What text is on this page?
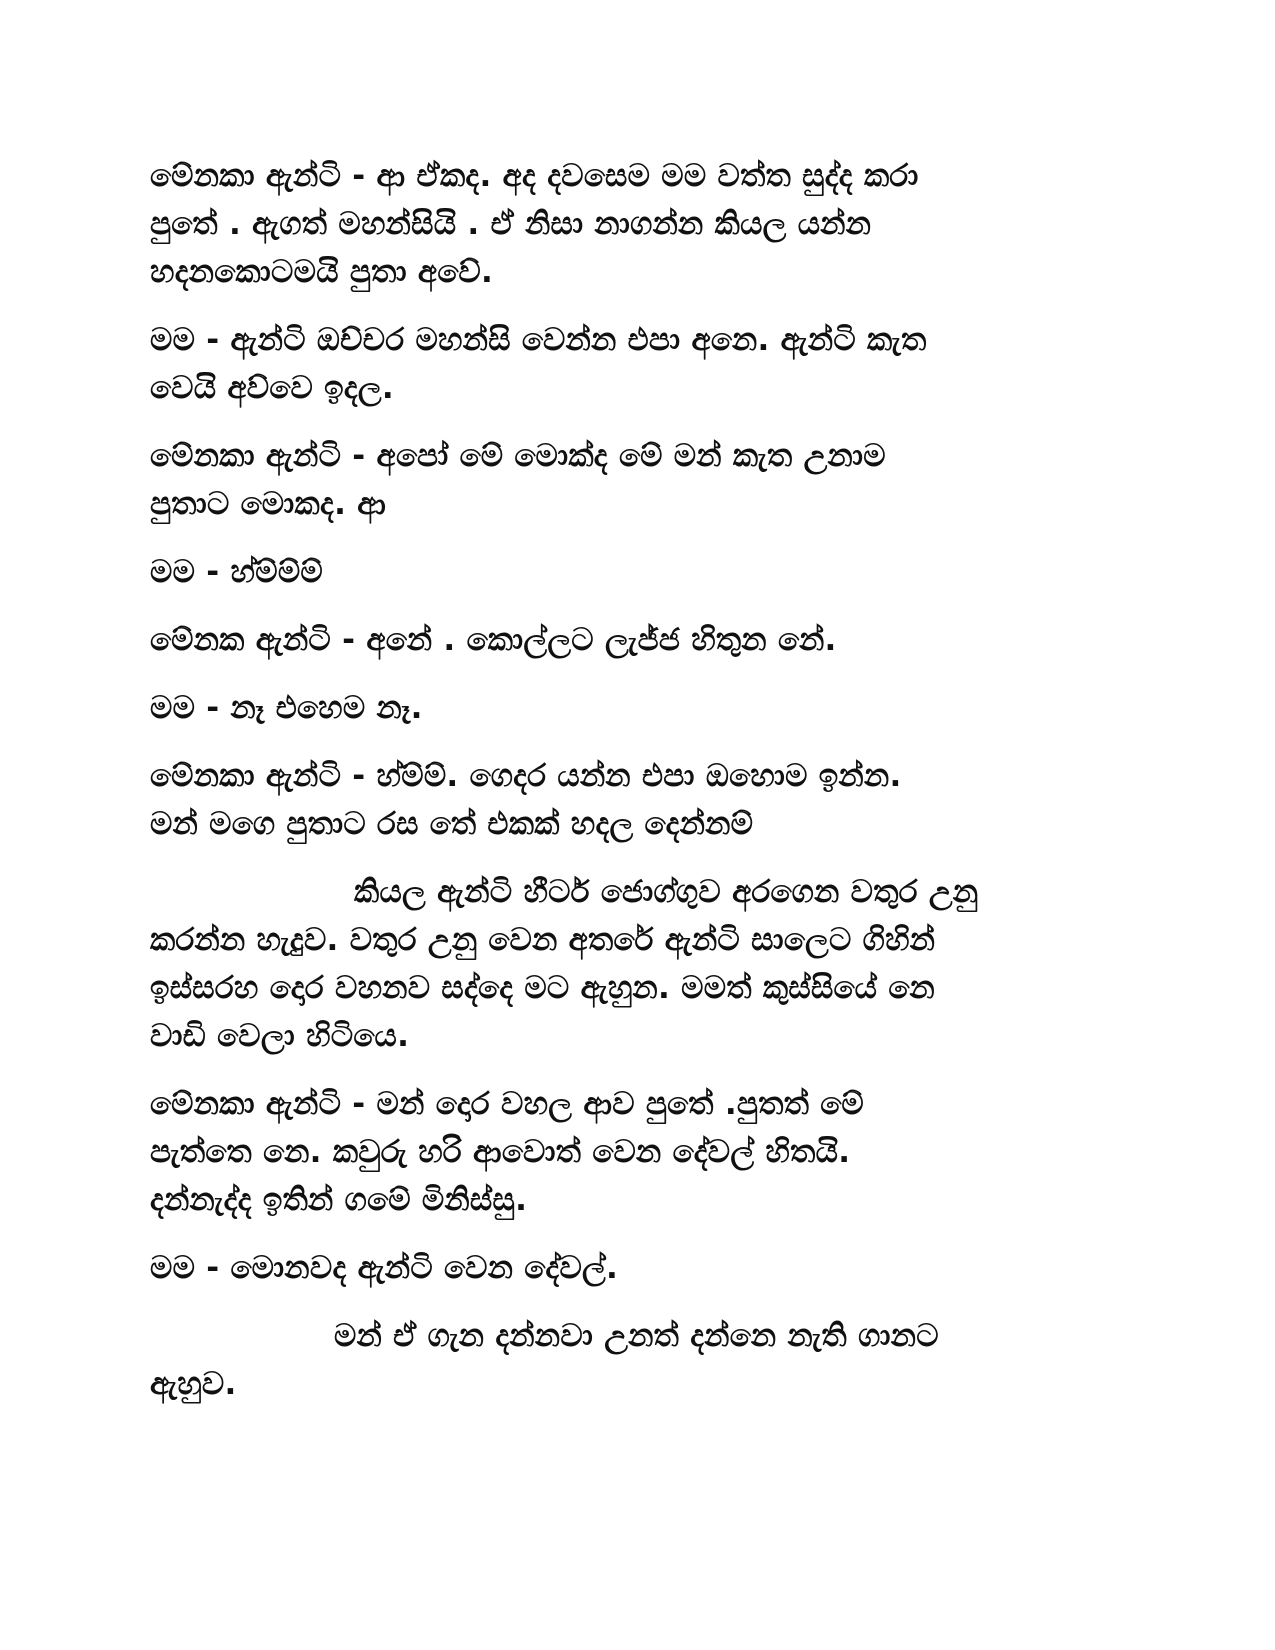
මේනකා ඇන්ටි - ආ ඒකද. අද දවසෙම මම වත්ත සුද්ද කරා
පුතේ . ඇගත් මහන්සියි . ඒ නිසා නාගන්න කියල යන්න
හදනකොටමයි පුතා අවේ.

මම - ඇන්ටි ඔච්චර මහන්සි වෙන්න එපා අනෙ. ඇන්ටි කැත
වෙයි අව්වෙ ඉදල.

මේනකා ඇන්ටි - අපෝ මේ මොක්ද මේ මන් කැත උනාම
පුතාට මොකද. ආ

මම - හ්ම්ම්ම්

මේනක ඇන්ටි - අනේ . කොල්ලට ලැජ්ජ හිතුන නේ.

මම - නෑ එහෙම නෑ.

මේනකා ඇන්ටි - හ්ම්ම්. ගෙදර යන්න එපා ඔහොම ඉන්න.
මන් මගෙ පුතාට රස තේ එකක් හදල දෙන්නම්

කියල ඇන්ටි හීටර් ජොග්ගුව අරගෙන වතුර උනු
කරන්න හැදුව. වතුර උනු වෙන අතරේ ඇන්ටි සාලෙට ගිහින්
ඉස්සරහ දොර වහනව සද්දෙ මට ඇහුන. මමත් කුස්සියේ නෙ
වාඩි වෙලා හිටියෙ.

මේනකා ඇන්ටි - මන් දොර වහල ආව පුතේ .පුතත් මේ
පැත්තෙ නෙ. කවුරු හරි ආවොත් වෙන දේවල් හිතයි.
දන්නැද්ද ඉතින් ගමේ මිනිස්සු.

මම - මොනවද ඇන්ටි වෙන දේවල්.

මන් ඒ ගැන දන්නවා උනත් දන්නෙ නැති ගානට
ඇහුව.
